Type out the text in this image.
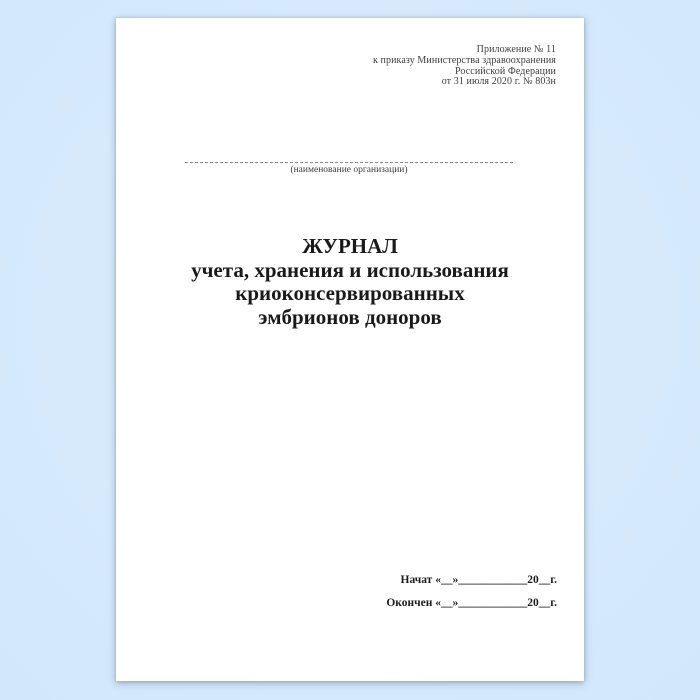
Приложение № 11
к приказу Министерства здравоохранения
Российской Федерации
от 31 июля 2020 г. № 803н
(наименование организации)
ЖУРНАЛ
учета, хранения и использования
криоконсервированных
эмбрионов доноров
Начат «__»____________20__г.
Окончен «__»____________20__г.
